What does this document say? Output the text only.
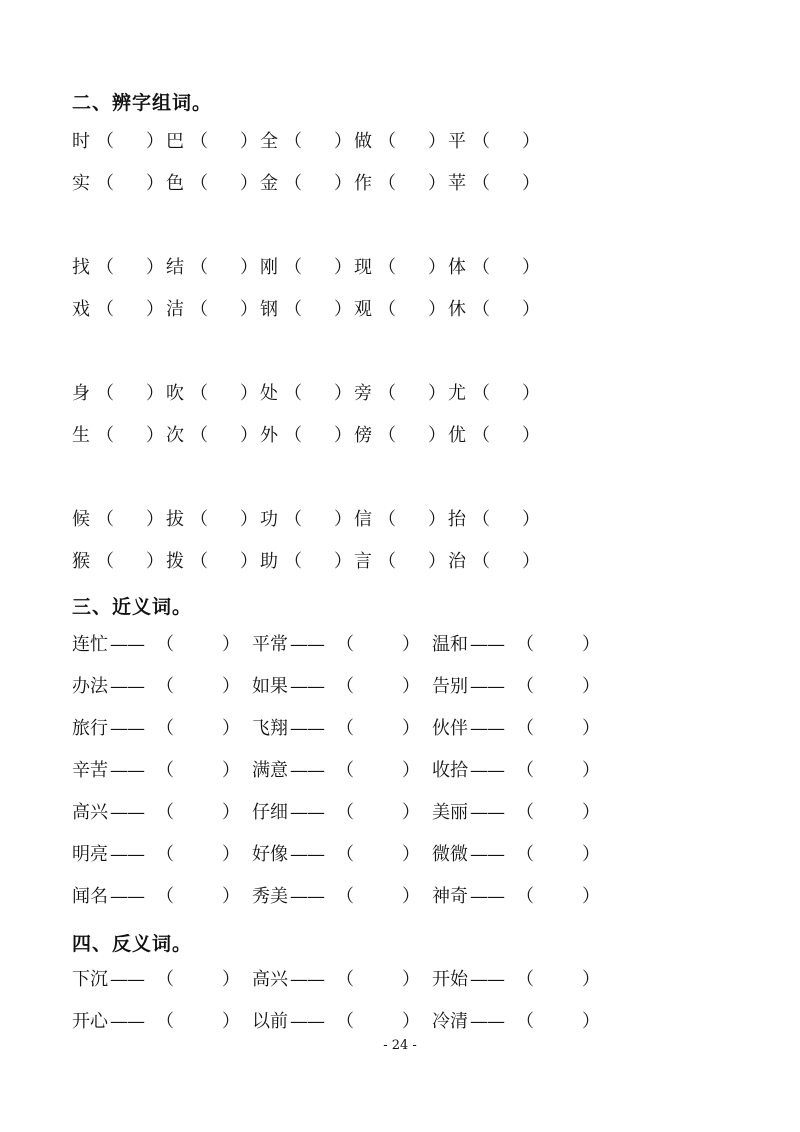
二、辨字组词。
时 （ ） 巴 （ ） 全 （ ） 做 （ ） 平 （ ）
实 （ ） 色 （ ） 金 （ ） 作 （ ） 苹 （ ）
找 （ ） 结 （ ） 刚 （ ） 现 （ ） 体 （ ）
戏 （ ） 洁 （ ） 钢 （ ） 观 （ ） 休 （ ）
身 （ ） 吹 （ ） 处 （ ） 旁 （ ） 尤 （ ）
生 （ ） 次 （ ） 外 （ ） 傍 （ ） 优 （ ）
候 （ ） 拔 （ ） 功 （ ） 信 （ ） 抬 （ ）
猴 （ ） 拨 （ ） 助 （ ） 言 （ ） 治 （ ）
三、近义词。
连忙 —— （	） 平常 —— （	） 温和 —— （	）
办法 —— （	） 如果 —— （	） 告别 —— （	）
旅行 —— （	） 飞翔 —— （	） 伙伴 —— （	）
辛苦 —— （	） 满意 —— （	） 收拾 —— （	）
高兴 —— （	） 仔细 —— （	） 美丽 —— （	）
明亮 —— （	） 好像 —— （	） 微微 —— （	）
闻名 —— （	） 秀美 —— （	） 神奇 —— （	）
四、反义词。
下沉 —— （	） 高兴 —— （	） 开始 —— （	）
开心 —— （	） 以前 —— （	） 冷清 —— （	）
- 24 -
